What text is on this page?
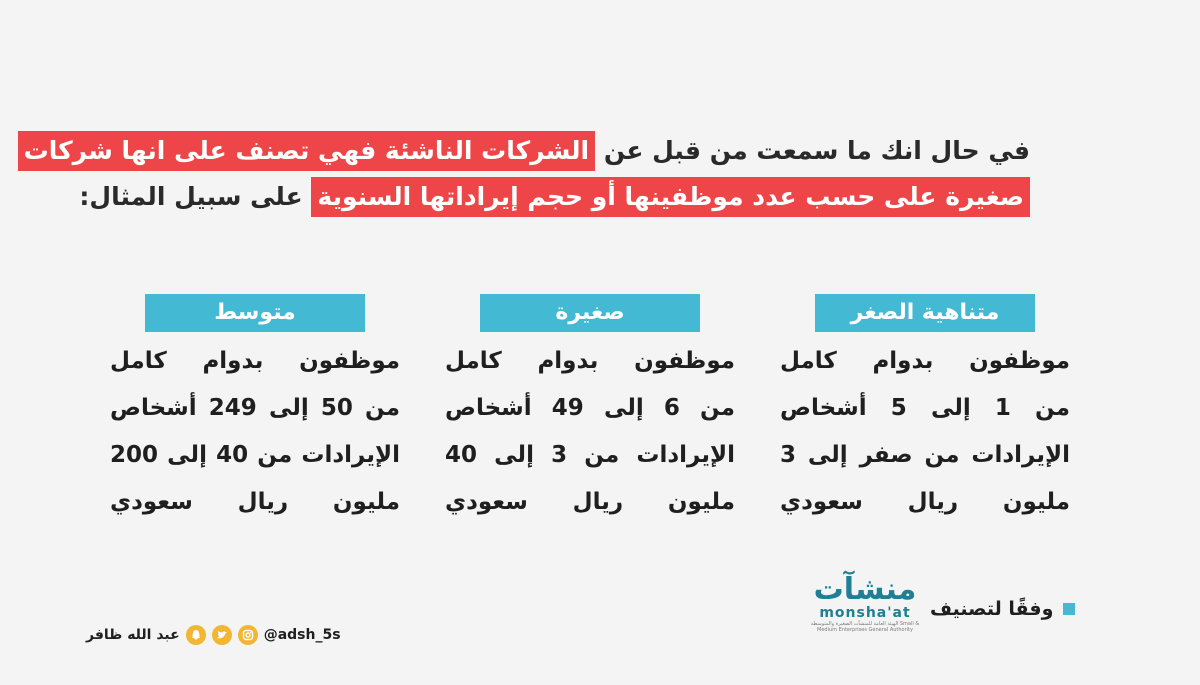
في حال انك ما سمعت من قبل عن الشركات الناشئة فهي تصنف على انها شركات
صغيرة على حسب عدد موظفينها أو حجم إيراداتها السنوية على سبيل المثال:
متناهية الصغر
موظفون بدوام كامل
من 1 إلى 5 أشخاص
الإيرادات من صفر إلى 3
مليون ريال سعودي
صغيرة
موظفون بدوام كامل
من 6 إلى 49 أشخاص
الإيرادات من 3 إلى 40
مليون ريال سعودي
متوسط
موظفون بدوام كامل
من 50 إلى 249 أشخاص
الإيرادات من 40 إلى 200
مليون ريال سعودي
وفقًا لتصنيف
منشآت
monsha'at
الهيئة العامة للمنشآت الصغيرة والمتوسطة Small & Medium Enterprises General Authority
عبد الله ظافر	@adsh_5s
